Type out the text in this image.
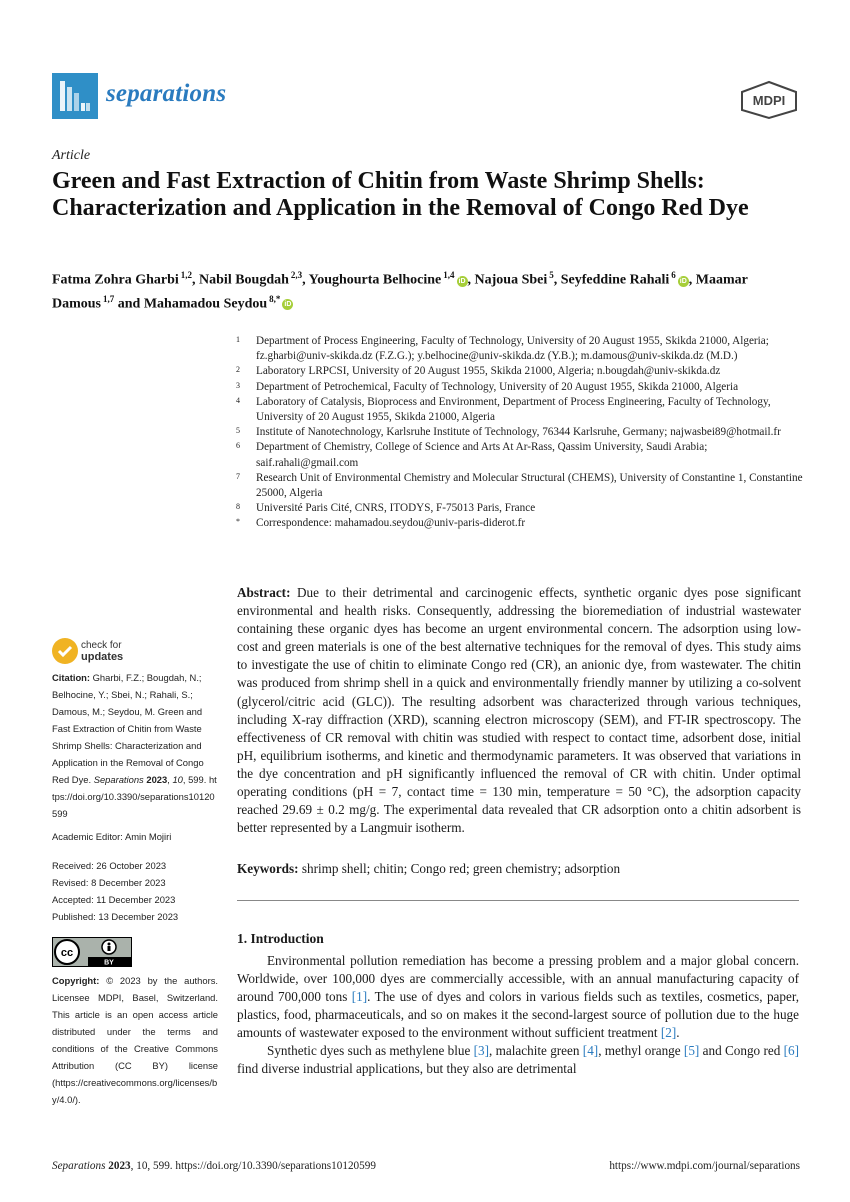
separations	MDPI
Article
Green and Fast Extraction of Chitin from Waste Shrimp Shells: Characterization and Application in the Removal of Congo Red Dye
Fatma Zohra Gharbi $^{1,2}$, Nabil Bougdah $^{2,3}$, Youghourta Belhocine $^{1,4}$iD , Najoua Sbei $^5$, Seyfeddine Rahali $^6$iD , Maamar Damous $^{1,7}$ and Mahamadou Seydou $^{8,*}$iD
1	Department of Process Engineering, Faculty of Technology, University of 20 August 1955, Skikda 21000, Algeria; fz.gharbi@univ-skikda.dz (F.Z.G.); y.belhocine@univ-skikda.dz (Y.B.); m.damous@univ-skikda.dz (M.D.)
2	Laboratory LRPCSI, University of 20 August 1955, Skikda 21000, Algeria; n.bougdah@univ-skikda.dz
3	Department of Petrochemical, Faculty of Technology, University of 20 August 1955, Skikda 21000, Algeria
4	Laboratory of Catalysis, Bioprocess and Environment, Department of Process Engineering, Faculty of Technology, University of 20 August 1955, Skikda 21000, Algeria
5	Institute of Nanotechnology, Karlsruhe Institute of Technology, 76344 Karlsruhe, Germany; najwasbei89@hotmail.fr
6	Department of Chemistry, College of Science and Arts At Ar-Rass, Qassim University, Saudi Arabia; saif.rahali@gmail.com
7	Research Unit of Environmental Chemistry and Molecular Structural (CHEMS), University of Constantine 1, Constantine 25000, Algeria
8	Université Paris Cité, CNRS, ITODYS, F-75013 Paris, France
*	Correspondence: mahamadou.seydou@univ-paris-diderot.fr
Abstract: Due to their detrimental and carcinogenic effects, synthetic organic dyes pose significant environmental and health risks. Consequently, addressing the bioremediation of industrial wastewater containing these organic dyes has become an urgent environmental concern. The adsorption using low-cost and green materials is one of the best alternative techniques for the removal of dyes. This study aims to investigate the use of chitin to eliminate Congo red (CR), an anionic dye, from wastewater. The chitin was produced from shrimp shell in a quick and environmentally friendly manner by utilizing a co-solvent (glycerol/citric acid (GLC)). The resulting adsorbent was characterized through various techniques, including X-ray diffraction (XRD), scanning electron microscopy (SEM), and FT-IR spectroscopy. The effectiveness of CR removal with chitin was studied with respect to contact time, adsorbent dose, initial pH, equilibrium isotherms, and kinetic and thermodynamic parameters. It was observed that variations in the dye concentration and pH significantly influenced the removal of CR with chitin. Under optimal operating conditions (pH = 7, contact time = 130 min, temperature = 50 °C), the adsorption capacity reached 29.69 ± 0.2 mg/g. The experimental data revealed that CR adsorption onto a chitin adsorbent is better represented by a Langmuir isotherm.
Keywords: shrimp shell; chitin; Congo red; green chemistry; adsorption
1. Introduction

Environmental pollution remediation has become a pressing problem and a major global concern. Worldwide, over 100,000 dyes are commercially accessible, with an annual manufacturing capacity of around 700,000 tons [1]. The use of dyes and colors in various fields such as textiles, cosmetics, paper, plastics, food, pharmaceuticals, and so on makes it the second-largest source of pollution due to the huge amounts of wastewater exposed to the environment without sufficient treatment [2].

Synthetic dyes such as methylene blue [3], malachite green [4], methyl orange [5] and Congo red [6] find diverse industrial applications, but they also are detrimental

check for
updates
Citation: Gharbi, F.Z.; Bougdah, N.; Belhocine, Y.; Sbei, N.; Rahali, S.; Damous, M.; Seydou, M. Green and Fast Extraction of Chitin from Waste Shrimp Shells: Characterization and Application in the Removal of Congo Red Dye. Separations 2023, 10, 599. https://doi.org/10.3390/separations10120599
Academic Editor: Amin Mojiri
Received: 26 October 2023
Revised: 8 December 2023
Accepted: 11 December 2023
Published: 13 December 2023
cc
BY
Copyright: © 2023 by the authors. Licensee MDPI, Basel, Switzerland. This article is an open access article distributed under the terms and conditions of the Creative Commons Attribution (CC BY) license (https://creativecommons.org/licenses/by/4.0/).
Separations 2023, 10, 599. https://doi.org/10.3390/separations10120599	https://www.mdpi.com/journal/separations
